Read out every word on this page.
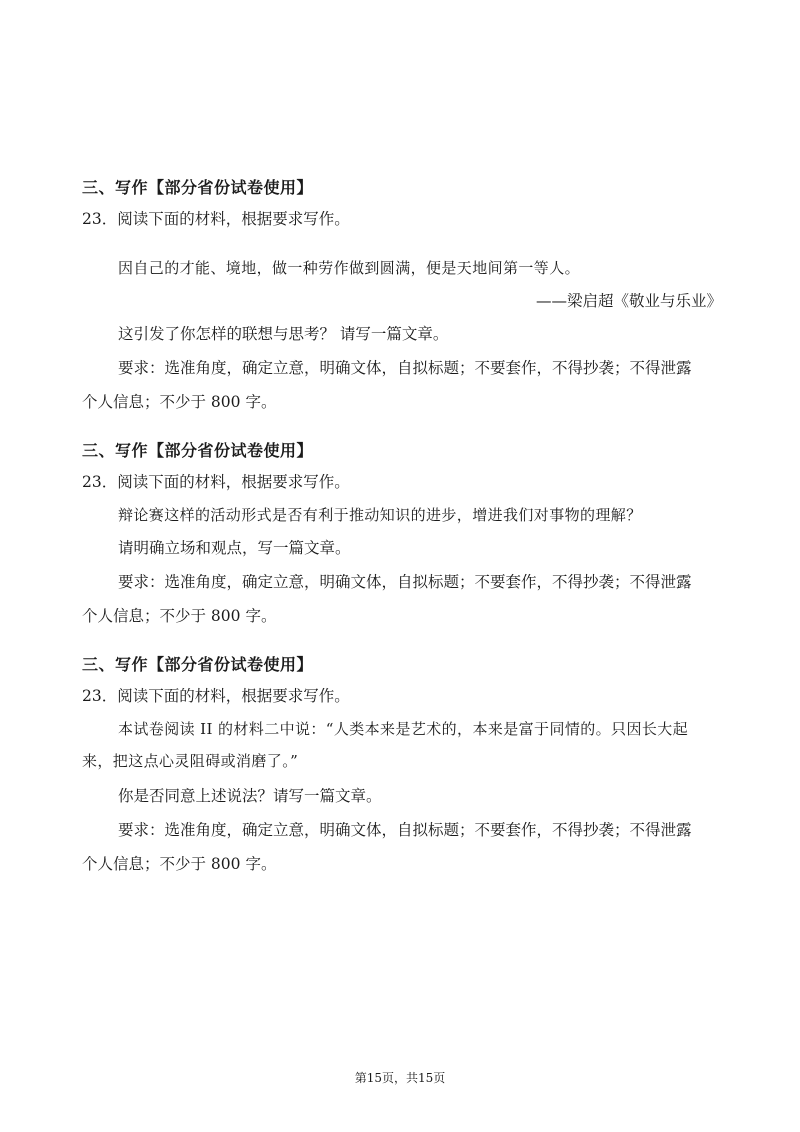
三、写作【部分省份试卷使用】
23．阅读下面的材料，根据要求写作。
因自己的才能、境地，做一种劳作做到圆满，便是天地间第一等人。
——梁启超《敬业与乐业》
这引发了你怎样的联想与思考？ 请写一篇文章。
要求：选准角度，确定立意，明确文体，自拟标题；不要套作，不得抄袭；不得泄露
个人信息；不少于 800 字。
三、写作【部分省份试卷使用】
23．阅读下面的材料，根据要求写作。
辩论赛这样的活动形式是否有利于推动知识的进步，增进我们对事物的理解？
请明确立场和观点，写一篇文章。
要求：选准角度，确定立意，明确文体，自拟标题；不要套作，不得抄袭；不得泄露
个人信息；不少于 800 字。
三、写作【部分省份试卷使用】
23．阅读下面的材料，根据要求写作。
本试卷阅读 II 的材料二中说：“人类本来是艺术的，本来是富于同情的。只因长大起
来，把这点心灵阻碍或消磨了。”
你是否同意上述说法？请写一篇文章。
要求：选准角度，确定立意，明确文体，自拟标题；不要套作，不得抄袭；不得泄露
个人信息；不少于 800 字。
第15页，共15页
